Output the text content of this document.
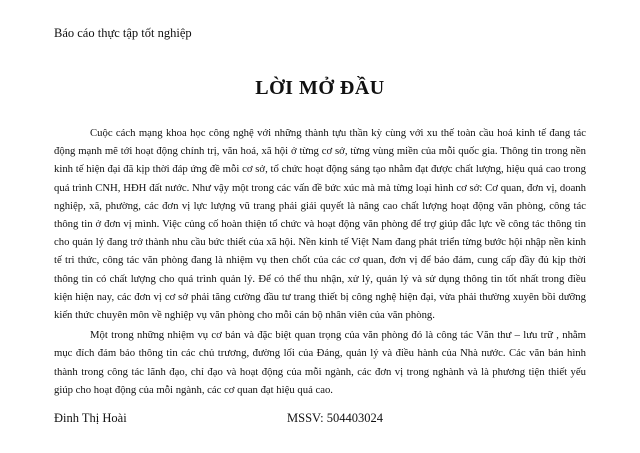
Báo cáo thực tập tốt nghiệp
LỜI MỞ ĐẦU

Cuộc cách mạng khoa học công nghệ với những thành tựu thần kỳ cùng với xu thế toàn cầu hoá kinh tế đang tác động mạnh mẽ tới hoạt động chính trị, văn hoá, xã hội ở từng cơ sở, từng vùng miền của mỗi quốc gia. Thông tin trong nền kinh tế hiện đại đã kịp thời đáp ứng đề mỗi cơ sở, tổ chức hoạt động sáng tạo nhằm đạt được chất lượng, hiệu quả cao trong quá trình CNH, HĐH đất nước. Như vậy một trong các vấn đề bức xúc mà mà từng loại hình cơ sở: Cơ quan, đơn vị, doanh nghiệp, xã, phường, các đơn vị lực lượng vũ trang phải giải quyết là nâng cao chất lượng hoạt động văn phòng, công tác thông tin ở đơn vị mình. Việc củng cố hoàn thiện tổ chức và hoạt động văn phòng để trợ giúp đắc lực về công tác thông tin cho quản lý đang trở thành nhu cầu bức thiết của xã hội. Nền kinh tế Việt Nam đang phát triển từng bước hội nhập nền kinh tế tri thức, công tác văn phòng đang là nhiệm vụ then chốt của các cơ quan, đơn vị để bảo đảm, cung cấp đầy đủ kịp thời thông tin có chất lượng cho quá trình quản lý. Để có thể thu nhận, xử lý, quản lý và sử dụng thông tin tốt nhất trong điều kiện hiện nay, các đơn vị cơ sở phải tăng cường đầu tư trang thiết bị công nghệ hiện đại, vừa phải thường xuyên bồi dưỡng kiến thức chuyên môn về nghiệp vụ văn phòng cho mỗi cán bộ nhân viên của văn phòng.

Một trong những nhiệm vụ cơ bản và đặc biệt quan trọng của văn phòng đó là công tác Văn thư – lưu trữ , nhằm mục đích đảm bảo thông tin các chủ trương, đường lối của Đảng, quản lý và điều hành của Nhà nước. Các văn bản hình thành trong công tác lãnh đạo, chỉ đạo và hoạt động của mỗi ngành, các đơn vị trong nghành và là phương tiện thiết yếu giúp cho hoạt động của mỗi ngành, các cơ quan đạt hiệu quả cao.

Đinh Thị Hoài	MSSV: 504403024
